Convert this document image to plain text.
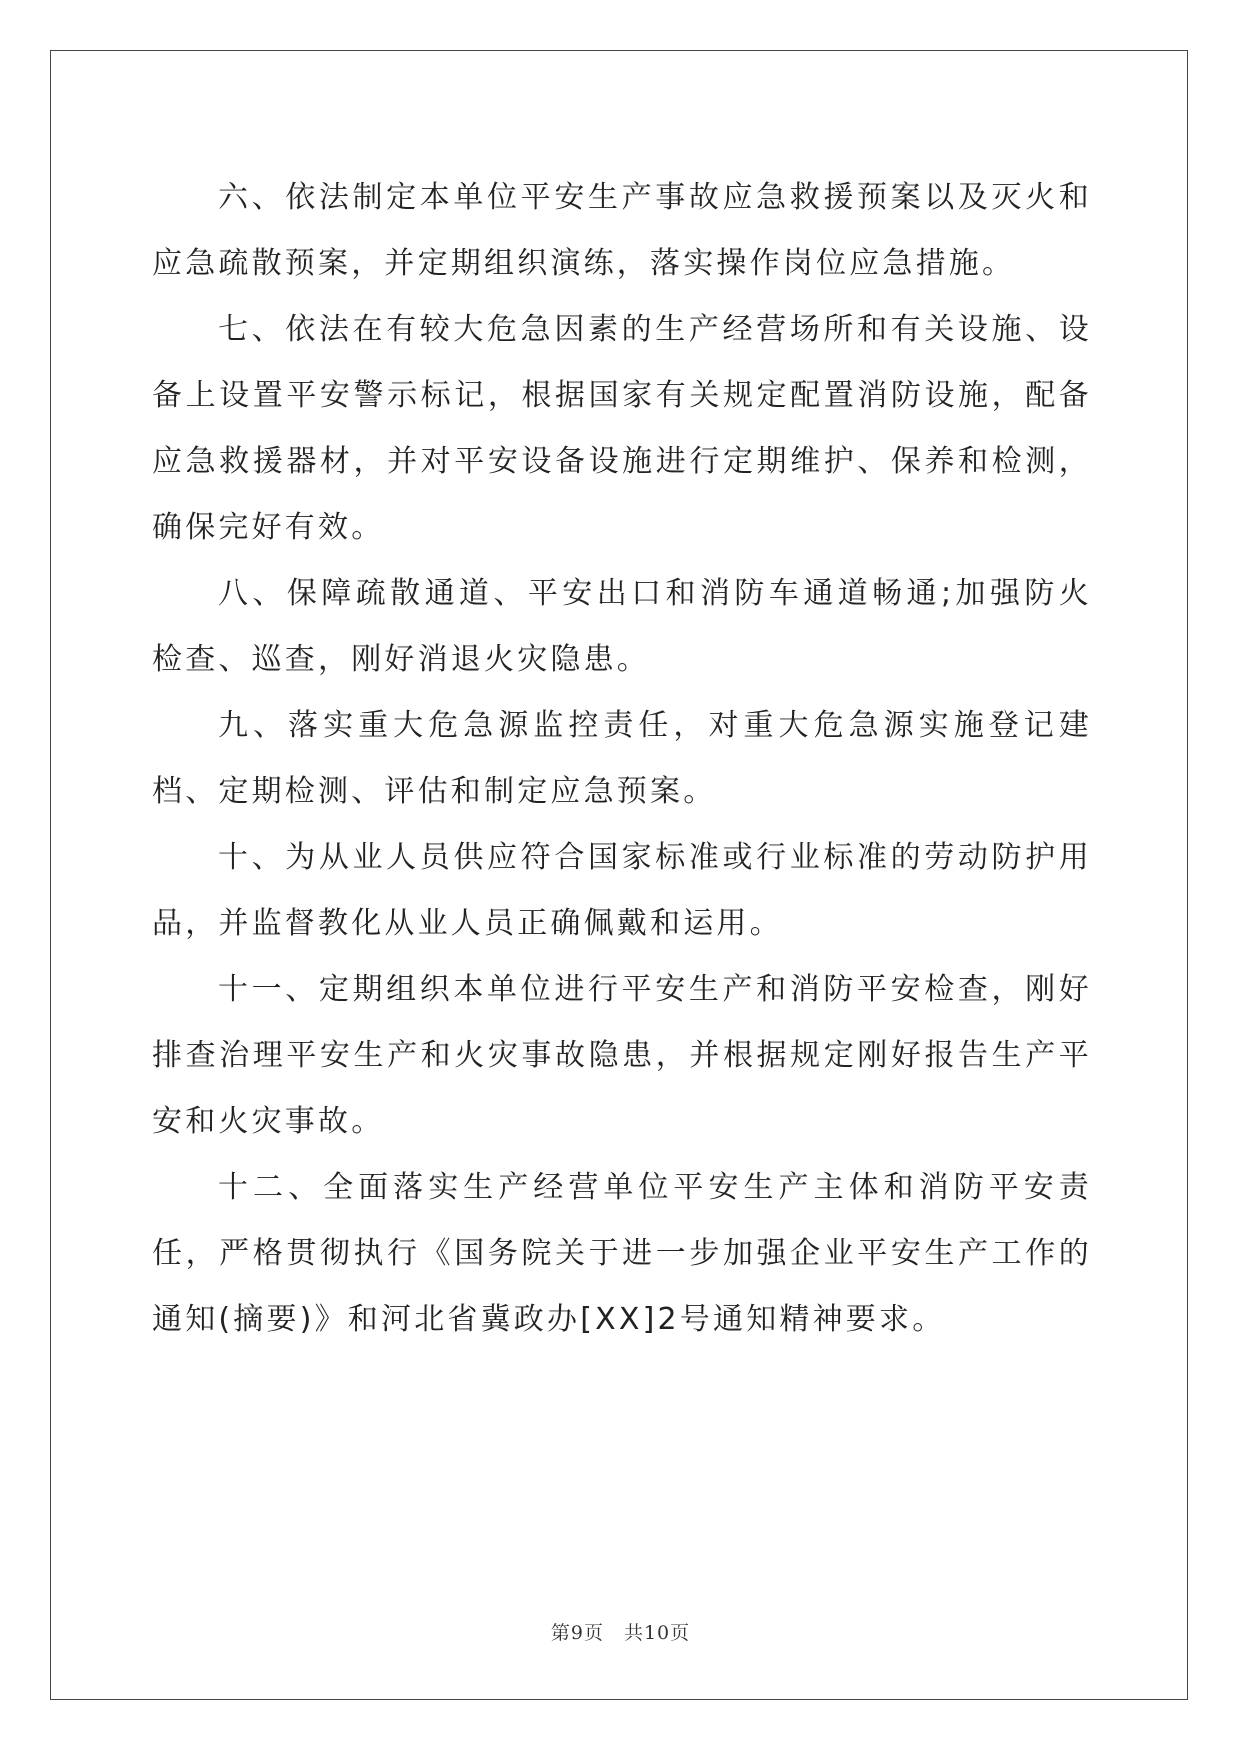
六、依法制定本单位平安生产事故应急救援预案以及灭火和应急疏散预案，并定期组织演练，落实操作岗位应急措施。

七、依法在有较大危急因素的生产经营场所和有关设施、设备上设置平安警示标记，根据国家有关规定配置消防设施，配备应急救援器材，并对平安设备设施进行定期维护、保养和检测，确保完好有效。

八、保障疏散通道、平安出口和消防车通道畅通;加强防火检查、巡查，刚好消退火灾隐患。

九、落实重大危急源监控责任，对重大危急源实施登记建档、定期检测、评估和制定应急预案。

十、为从业人员供应符合国家标准或行业标准的劳动防护用品，并监督教化从业人员正确佩戴和运用。

十一、定期组织本单位进行平安生产和消防平安检查，刚好排查治理平安生产和火灾事故隐患，并根据规定刚好报告生产平安和火灾事故。

十二、全面落实生产经营单位平安生产主体和消防平安责任，严格贯彻执行《国务院关于进一步加强企业平安生产工作的通知(摘要)》和河北省冀政办[XX]2号通知精神要求。

第9页　共10页
